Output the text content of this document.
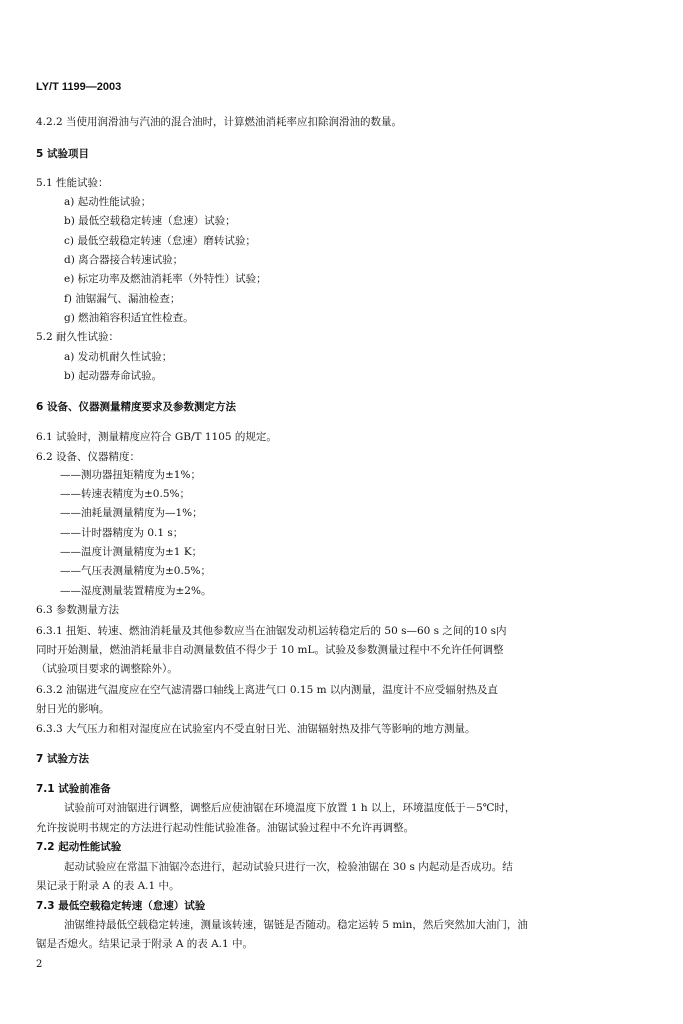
LY/T 1199—2003
4.2.2 当使用润滑油与汽油的混合油时，计算燃油消耗率应扣除润滑油的数量。
5 试验项目
5.1 性能试验：
a) 起动性能试验；
b) 最低空载稳定转速（怠速）试验；
c) 最低空载稳定转速（怠速）磨转试验；
d) 离合器接合转速试验；
e) 标定功率及燃油消耗率（外特性）试验；
f) 油锯漏气、漏油检查；
g) 燃油箱容积适宜性检查。
5.2 耐久性试验：
a) 发动机耐久性试验；
b) 起动器寿命试验。
6 设备、仪器测量精度要求及参数测定方法
6.1 试验时，测量精度应符合 GB/T 1105 的规定。
6.2 设备、仪器精度：
——测功器扭矩精度为±1%；
——转速表精度为±0.5%；
——油耗量测量精度为—1%；
——计时器精度为 0.1 s；
——温度计测量精度为±1 K；
——气压表测量精度为±0.5%；
——湿度测量装置精度为±2%。
6.3 参数测量方法
6.3.1 扭矩、转速、燃油消耗量及其他参数应当在油锯发动机运转稳定后的 50 s—60 s 之间的10 s内
同时开始测量，燃油消耗量非自动测量数值不得少于 10 mL。试验及参数测量过程中不允许任何调整
（试验项目要求的调整除外）。
6.3.2 油锯进气温度应在空气滤清器口轴线上离进气口 0.15 m 以内测量，温度计不应受辐射热及直
射日光的影响。
6.3.3 大气压力和相对湿度应在试验室内不受直射日光、油锯辐射热及排气等影响的地方测量。
7 试验方法
7.1 试验前准备
试验前可对油锯进行调整，调整后应使油锯在环境温度下放置 1 h 以上，环境温度低于－5℃时，
允许按说明书规定的方法进行起动性能试验准备。油锯试验过程中不允许再调整。
7.2 起动性能试验
起动试验应在常温下油锯冷态进行，起动试验只进行一次，检验油锯在 30 s 内起动是否成功。结
果记录于附录 A 的表 A.1 中。
7.3 最低空载稳定转速（怠速）试验
油锯维持最低空载稳定转速，测量该转速，锯链是否随动。稳定运转 5 min，然后突然加大油门，油
锯是否熄火。结果记录于附录 A 的表 A.1 中。
2
